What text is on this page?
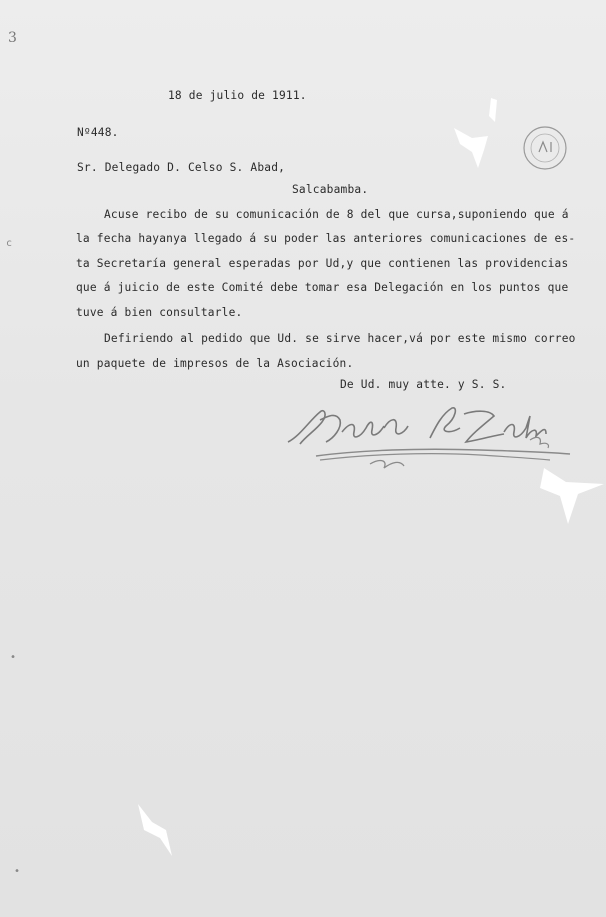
3
18 de julio de 1911.
Nº448.
Sr. Delegado D. Celso S. Abad,
Salcabamba.
Acuse recibo de su comunicación de 8 del que cursa,suponiendo que á
la fecha hayanya llegado á su poder las anteriores comunicaciones de es-
ta Secretaría general esperadas por Ud,y que contienen las providencias
que á juicio de este Comité debe tomar esa Delegación en los puntos que
tuve á bien consultarle.
Defiriendo al pedido que Ud. se sirve hacer,vá por este mismo correo
un paquete de impresos de la Asociación.
De Ud. muy atte. y S. S.
c
•
•
